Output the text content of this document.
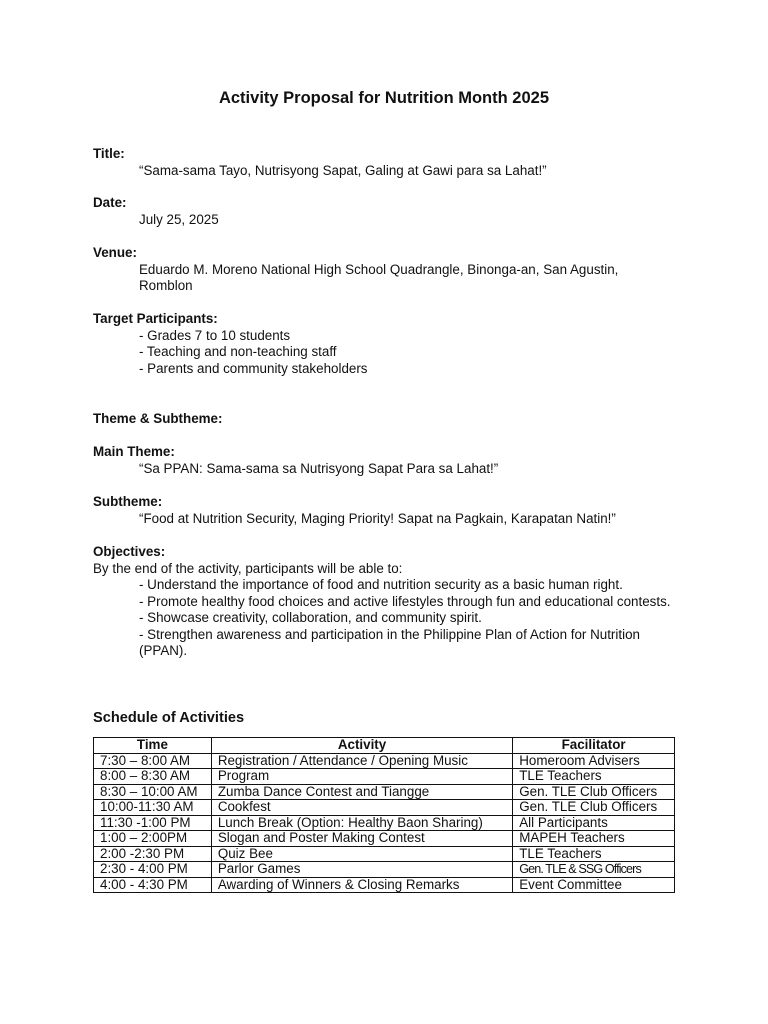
Activity Proposal for Nutrition Month 2025
Title:
“Sama-sama Tayo, Nutrisyong Sapat, Galing at Gawi para sa Lahat!”
Date:
July 25, 2025
Venue:
Eduardo M. Moreno National High School Quadrangle, Binonga-an, San Agustin, Romblon
Target Participants:
- Grades 7 to 10 students
- Teaching and non-teaching staff
- Parents and community stakeholders
Theme & Subtheme:
Main Theme:
“Sa PPAN: Sama-sama sa Nutrisyong Sapat Para sa Lahat!”
Subtheme:
“Food at Nutrition Security, Maging Priority! Sapat na Pagkain, Karapatan Natin!”
Objectives:
By the end of the activity, participants will be able to:
- Understand the importance of food and nutrition security as a basic human right.
- Promote healthy food choices and active lifestyles through fun and educational contests.
- Showcase creativity, collaboration, and community spirit.
- Strengthen awareness and participation in the Philippine Plan of Action for Nutrition (PPAN).
Schedule of Activities
Time	Activity	Facilitator
7:30 – 8:00 AM	Registration / Attendance / Opening Music	Homeroom Advisers
8:00 – 8:30 AM	Program	TLE Teachers
8:30 – 10:00 AM	Zumba Dance Contest and Tiangge	Gen. TLE Club Officers
10:00-11:30 AM	Cookfest	Gen. TLE Club Officers
11:30 -1:00 PM	Lunch Break (Option: Healthy Baon Sharing)	All Participants
1:00 – 2:00PM	Slogan and Poster Making Contest	MAPEH Teachers
2:00 -2:30 PM	Quiz Bee	TLE Teachers
2:30 - 4:00 PM	Parlor Games	Gen. TLE & SSG Officers
4:00 - 4:30 PM	Awarding of Winners & Closing Remarks	Event Committee
